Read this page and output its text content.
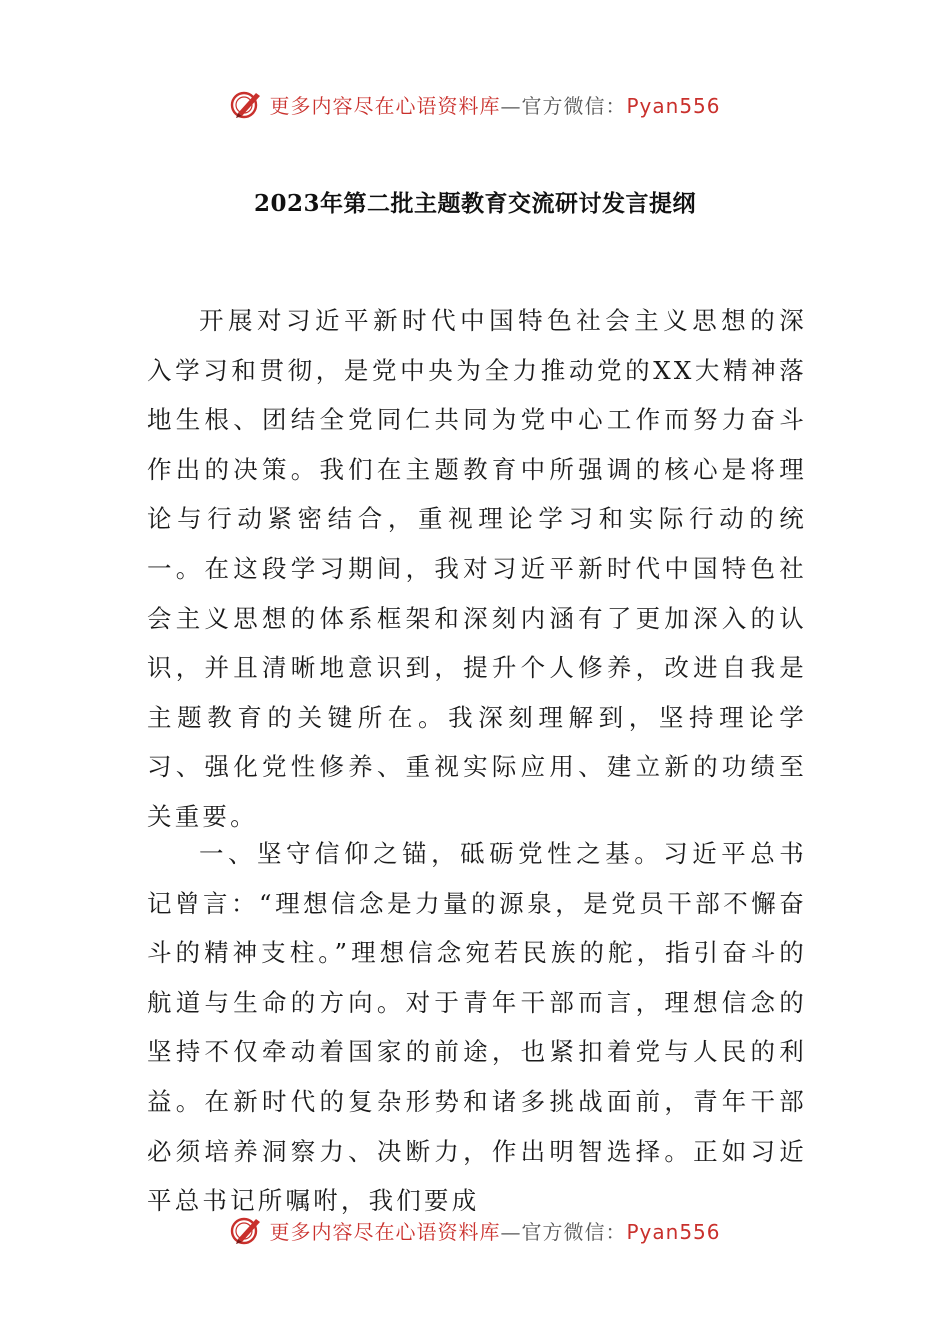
更多内容尽在心语资料库—官方微信：Pyan556
2023年第二批主题教育交流研讨发言提纲

开展对习近平新时代中国特色社会主义思想的深入学习和贯彻，是党中央为全力推动党的XX大精神落地生根、团结全党同仁共同为党中心工作而努力奋斗作出的决策。我们在主题教育中所强调的核心是将理论与行动紧密结合，重视理论学习和实际行动的统一。在这段学习期间，我对习近平新时代中国特色社会主义思想的体系框架和深刻内涵有了更加深入的认识，并且清晰地意识到，提升个人修养，改进自我是主题教育的关键所在。我深刻理解到，坚持理论学习、强化党性修养、重视实际应用、建立新的功绩至关重要。

一、坚守信仰之锚，砥砺党性之基。习近平总书记曾言：“理想信念是力量的源泉，是党员干部不懈奋斗的精神支柱。”理想信念宛若民族的舵，指引奋斗的航道与生命的方向。对于青年干部而言，理想信念的坚持不仅牵动着国家的前途，也紧扣着党与人民的利益。在新时代的复杂形势和诸多挑战面前，青年干部必须培养洞察力、决断力，作出明智选择。正如习近平总书记所嘱咐，我们要成

更多内容尽在心语资料库—官方微信：Pyan556
